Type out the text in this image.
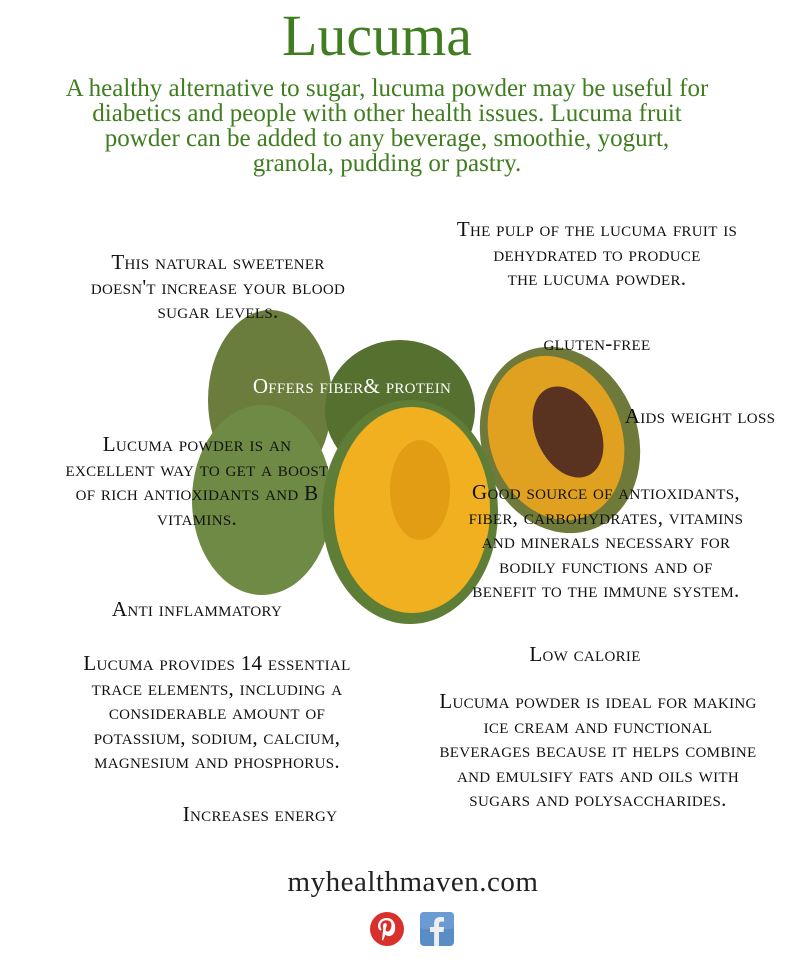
Lucuma
A healthy alternative to sugar, lucuma powder may be useful for
diabetics and people with other health issues. Lucuma fruit
powder can be added to any beverage, smoothie, yogurt,
granola, pudding or pastry.
This natural sweetener
doesn't increase your blood
sugar levels.
The pulp of the lucuma fruit is
dehydrated to produce
the lucuma powder.
gluten-free
Offers fiber& protein
Aids weight loss
Lucuma powder is an
excellent way to get a boost
of rich antioxidants and B
vitamins.
Good source of antioxidants,
fiber, carbohydrates, vitamins
and minerals necessary for
bodily functions and of
benefit to the immune system.
Anti inflammatory
Low calorie
Lucuma provides 14 essential
trace elements, including a
considerable amount of
potassium, sodium, calcium,
magnesium and phosphorus.
Lucuma powder is ideal for making
ice cream and functional
beverages because it helps combine
and emulsify fats and oils with
sugars and polysaccharides.
Increases energy
myhealthmaven.com
